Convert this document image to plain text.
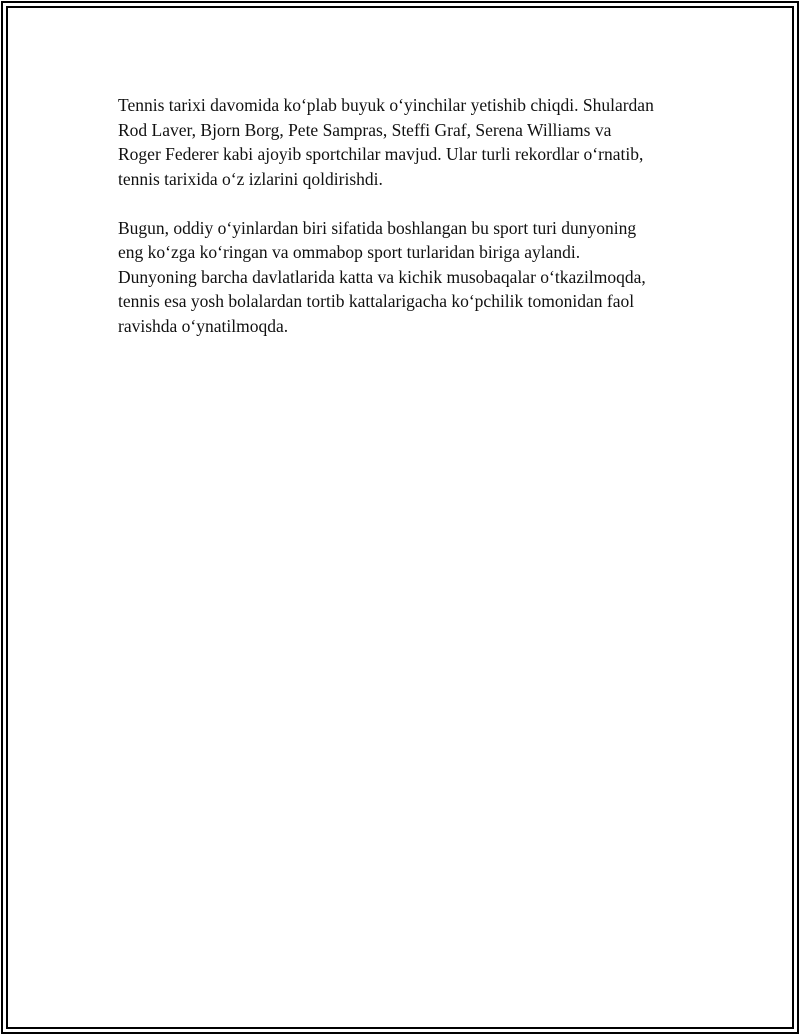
Tennis tarixi davomida ko‘plab buyuk o‘yinchilar yetishib chiqdi. Shulardan
Rod Laver, Bjorn Borg, Pete Sampras, Steffi Graf, Serena Williams va
Roger Federer kabi ajoyib sportchilar mavjud. Ular turli rekordlar o‘rnatib,
tennis tarixida o‘z izlarini qoldirishdi.

Bugun, oddiy o‘yinlardan biri sifatida boshlangan bu sport turi dunyoning
eng ko‘zga ko‘ringan va ommabop sport turlaridan biriga aylandi.
Dunyoning barcha davlatlarida katta va kichik musobaqalar o‘tkazilmoqda,
tennis esa yosh bolalardan tortib kattalarigacha ko‘pchilik tomonidan faol
ravishda o‘ynatilmoqda.
